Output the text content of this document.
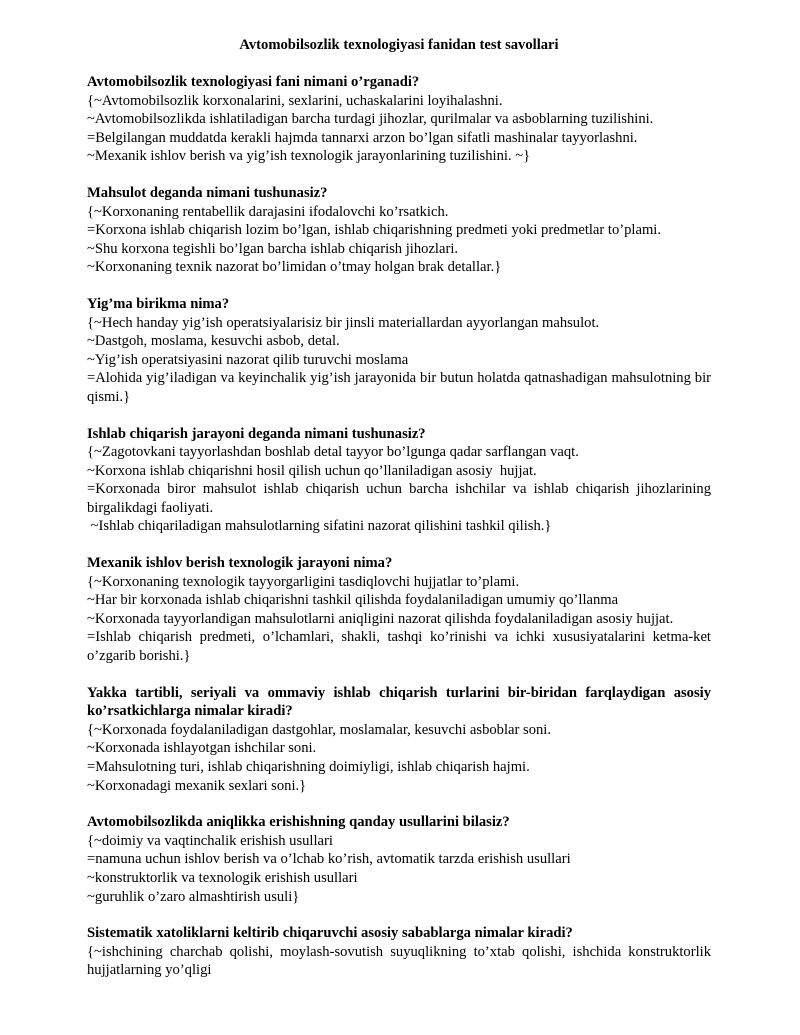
Avtomobilsozlik texnologiyasi fanidan test savollari
Avtomobilsozlik texnologiyasi fani nimani o’rganadi?
{~Avtomobilsozlik korxonalarini, sexlarini, uchaskalarini loyihalashni.
~Avtomobilsozlikda ishlatiladigan barcha turdagi jihozlar, qurilmalar va asboblarning tuzilishini.
=Belgilangan muddatda kerakli hajmda tannarxi arzon bo’lgan sifatli mashinalar tayyorlashni.
~Mexanik ishlov berish va yig’ish texnologik jarayonlarining tuzilishini. ~}
Mahsulot deganda nimani tushunasiz?
{~Korxonaning rentabellik darajasini ifodalovchi ko’rsatkich.
=Korxona ishlab chiqarish lozim bo’lgan, ishlab chiqarishning predmeti yoki predmetlar to’plami.
~Shu korxona tegishli bo’lgan barcha ishlab chiqarish jihozlari.
~Korxonaning texnik nazorat bo’limidan o’tmay holgan brak detallar.}
Yig’ma birikma nima?
{~Hech handay yig’ish operatsiyalarisiz bir jinsli materiallardan ayyorlangan mahsulot.
~Dastgoh, moslama, kesuvchi asbob, detal.
~Yig’ish operatsiyasini nazorat qilib turuvchi moslama
=Alohida yig’iladigan va keyinchalik yig’ish jarayonida bir butun holatda qatnashadigan mahsulotning bir qismi.}
Ishlab chiqarish jarayoni deganda nimani tushunasiz?
{~Zagotovkani tayyorlashdan boshlab detal tayyor bo’lgunga qadar sarflangan vaqt.
~Korxona ishlab chiqarishni hosil qilish uchun qo’llaniladigan asosiy  hujjat.
=Korxonada biror mahsulot ishlab chiqarish uchun barcha ishchilar va ishlab chiqarish jihozlarining birgalikdagi faoliyati.
~Ishlab chiqariladigan mahsulotlarning sifatini nazorat qilishini tashkil qilish.}
Mexanik ishlov berish texnologik jarayoni nima?
{~Korxonaning texnologik tayyorgarligini tasdiqlovchi hujjatlar to’plami.
~Har bir korxonada ishlab chiqarishni tashkil qilishda foydalaniladigan umumiy qo’llanma
~Korxonada tayyorlandigan mahsulotlarni aniqligini nazorat qilishda foydalaniladigan asosiy hujjat.
=Ishlab chiqarish predmeti, o’lchamlari, shakli, tashqi ko’rinishi va ichki xususiyatalarini ketma-ket o’zgarib borishi.}
Yakka tartibli, seriyali va ommaviy ishlab chiqarish turlarini bir-biridan farqlaydigan asosiy ko’rsatkichlarga nimalar kiradi?
{~Korxonada foydalaniladigan dastgohlar, moslamalar, kesuvchi asboblar soni.
~Korxonada ishlayotgan ishchilar soni.
=Mahsulotning turi, ishlab chiqarishning doimiyligi, ishlab chiqarish hajmi.
~Korxonadagi mexanik sexlari soni.}
Avtomobilsozlikda aniqlikka erishishning qanday usullarini bilasiz?
{~doimiy va vaqtinchalik erishish usullari
=namuna uchun ishlov berish va o’lchab ko’rish, avtomatik tarzda erishish usullari
~konstruktorlik va texnologik erishish usullari
~guruhlik o’zaro almashtirish usuli}
Sistematik xatoliklarni keltirib chiqaruvchi asosiy sabablarga nimalar kiradi?
{~ishchining charchab qolishi, moylash-sovutish suyuqlikning to’xtab qolishi, ishchida konstruktorlik hujjatlarning yo’qligi
